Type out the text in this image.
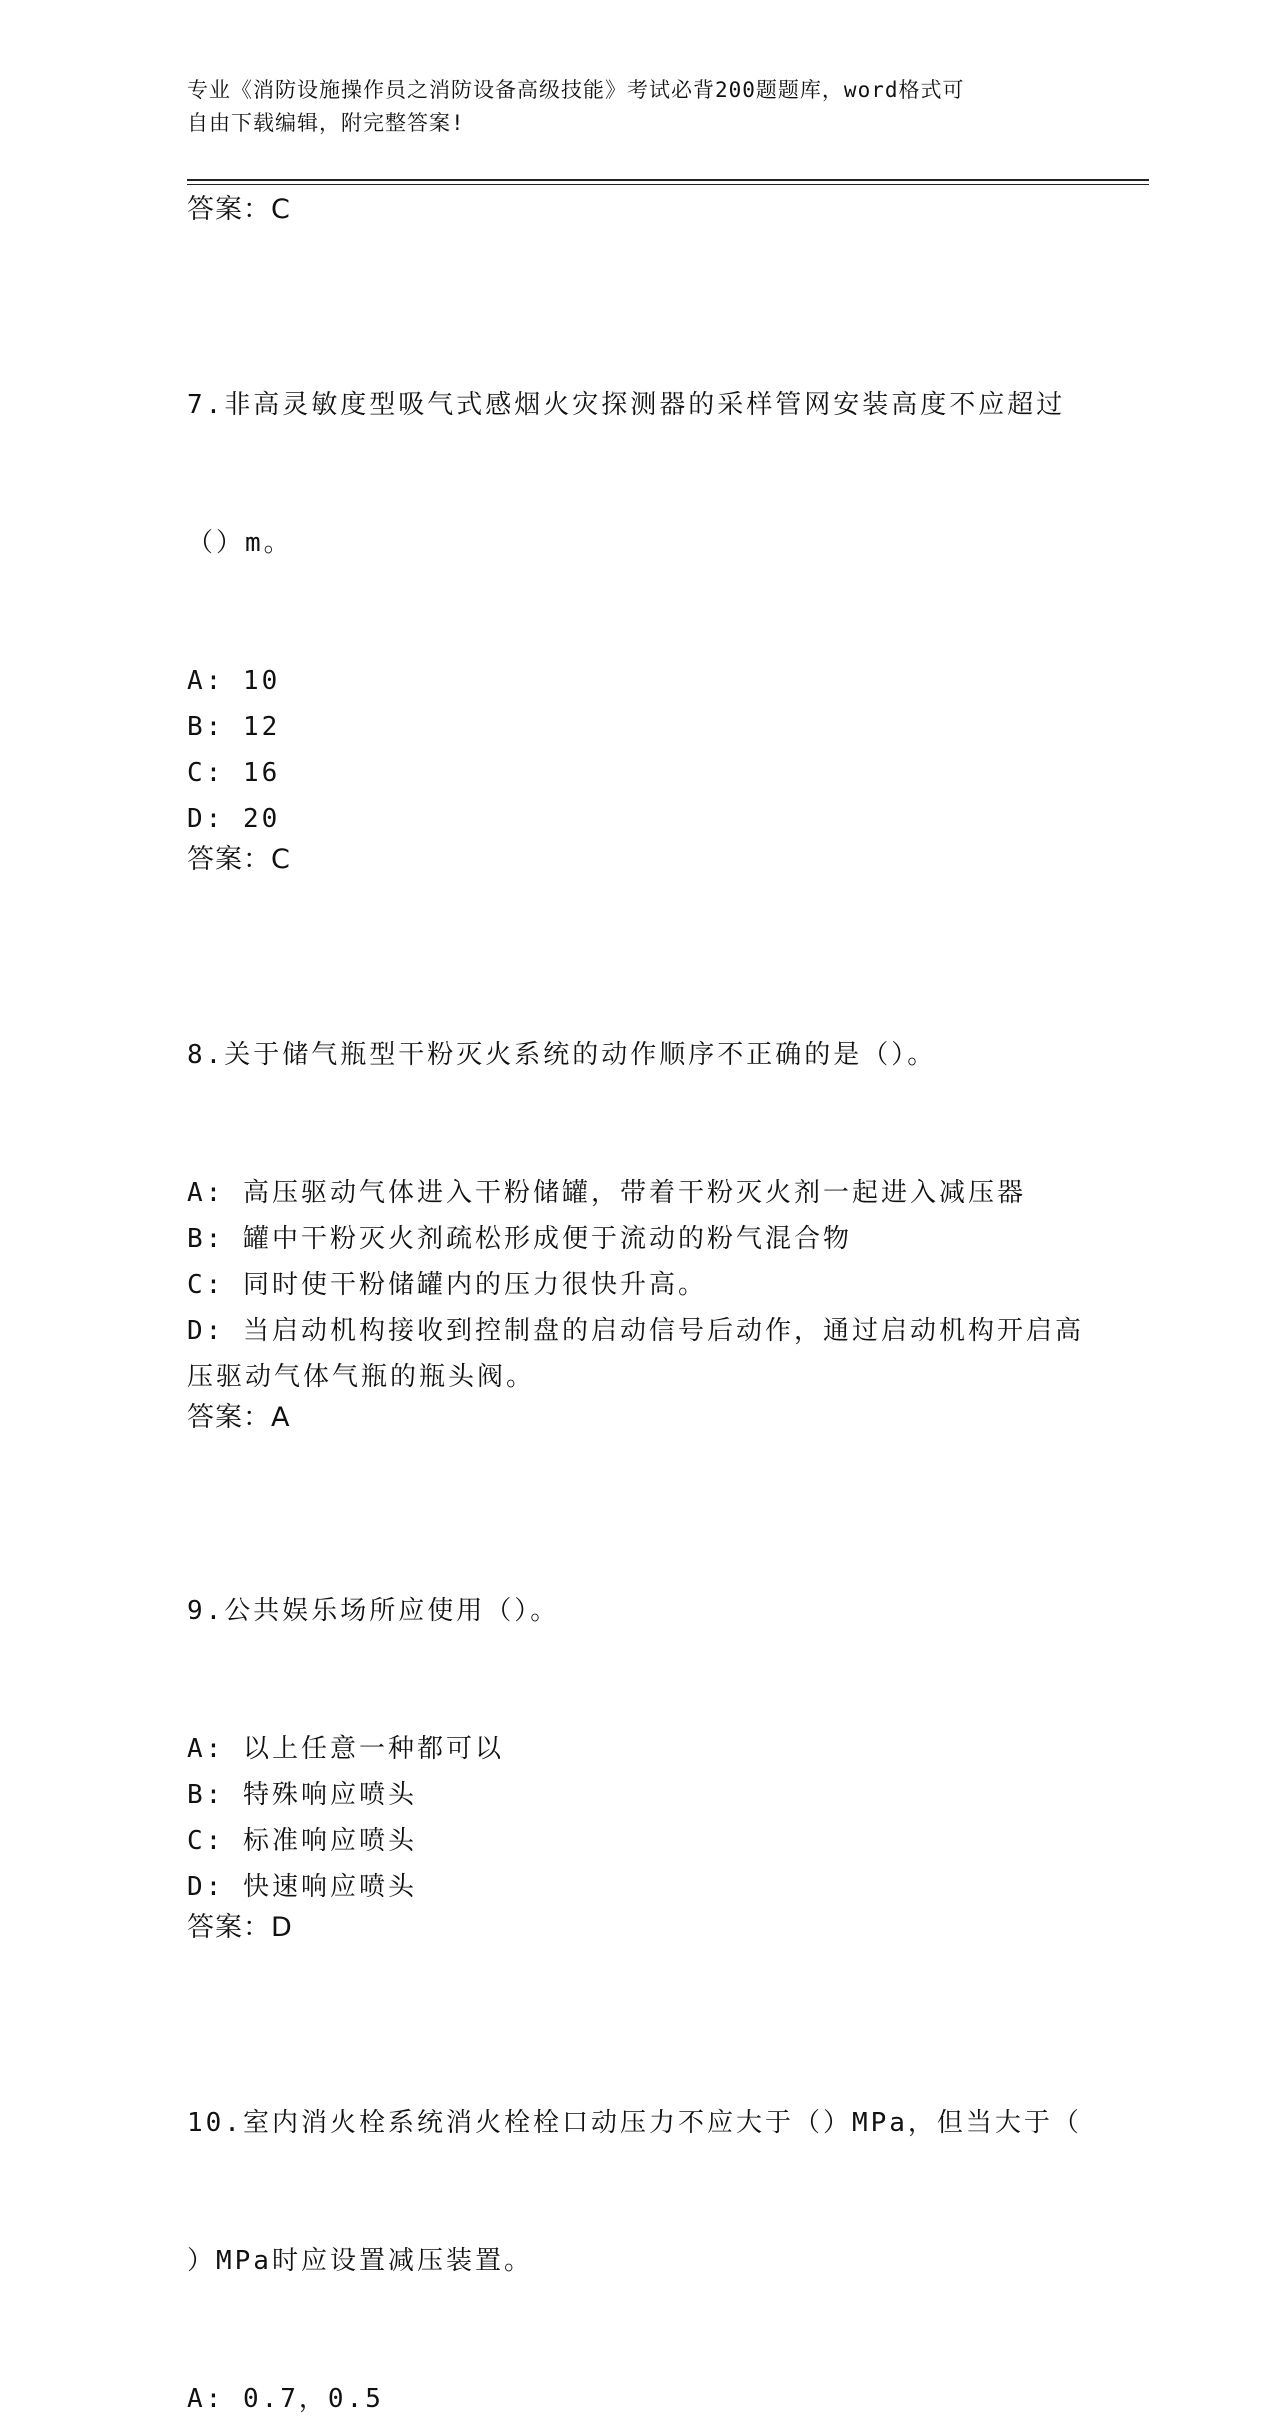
专业《消防设施操作员之消防设备高级技能》考试必背200题题库，word格式可
自由下载编辑，附完整答案!
答案：C

7.非高灵敏度型吸气式感烟火灾探测器的采样管网安装高度不应超过

（）m。

A: 10
B: 12
C: 16
D: 20
答案：C

8.关于储气瓶型干粉灭火系统的动作顺序不正确的是（）。

A: 高压驱动气体进入干粉储罐，带着干粉灭火剂一起进入减压器
B: 罐中干粉灭火剂疏松形成便于流动的粉气混合物
C: 同时使干粉储罐内的压力很快升高。
D: 当启动机构接收到控制盘的启动信号后动作，通过启动机构开启高
压驱动气体气瓶的瓶头阀。
答案：A

9.公共娱乐场所应使用（）。

A: 以上任意一种都可以
B: 特殊响应喷头
C: 标准响应喷头
D: 快速响应喷头
答案：D

10.室内消火栓系统消火栓栓口动压力不应大于（）MPa，但当大于（

）MPa时应设置减压装置。

A: 0.7，0.5
